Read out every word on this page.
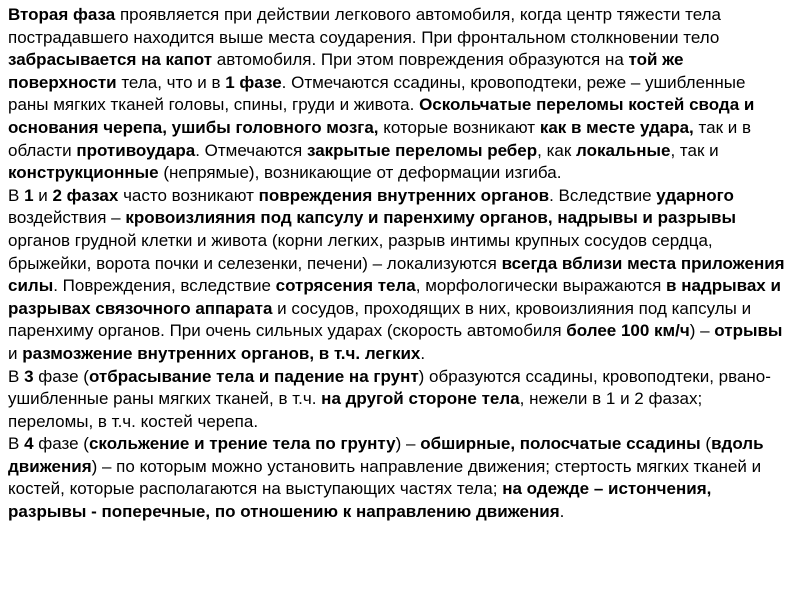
Вторая фаза проявляется при действии легкового автомобиля, когда центр тяжести тела пострадавшего находится выше места соударения. При фронтальном столкновении тело забрасывается на капот автомобиля. При этом повреждения образуются на той же поверхности тела, что и в 1 фазе. Отмечаются ссадины, кровоподтеки, реже – ушибленные раны мягких тканей головы, спины, груди и живота. Оскольчатые переломы костей свода и основания черепа, ушибы головного мозга, которые возникают как в месте удара, так и в области противоудара. Отмечаются закрытые переломы ребер, как локальные, так и конструкционные (непрямые), возникающие от деформации изгиба.

В 1 и 2 фазах часто возникают повреждения внутренних органов. Вследствие ударного воздействия – кровоизлияния под капсулу и паренхиму органов, надрывы и разрывы органов грудной клетки и живота (корни легких, разрыв интимы крупных сосудов сердца, брыжейки, ворота почки и селезенки, печени) – локализуются всегда вблизи места приложения силы. Повреждения, вследствие сотрясения тела, морфологически выражаются в надрывах и разрывах связочного аппарата и сосудов, проходящих в них, кровоизлияния под капсулы и паренхиму органов. При очень сильных ударах (скорость автомобиля более 100 км/ч) – отрывы и размозжение внутренних органов, в т.ч. легких.

В 3 фазе (отбрасывание тела и падение на грунт) образуются ссадины, кровоподтеки, рвано-ушибленные раны мягких тканей, в т.ч. на другой стороне тела, нежели в 1 и 2 фазах; переломы, в т.ч. костей черепа.

В 4 фазе (скольжение и трение тела по грунту) – обширные, полосчатые ссадины (вдоль движения) – по которым можно установить направление движения; стертость мягких тканей и костей, которые располагаются на выступающих частях тела; на одежде – истончения, разрывы - поперечные, по отношению к направлению движения.
